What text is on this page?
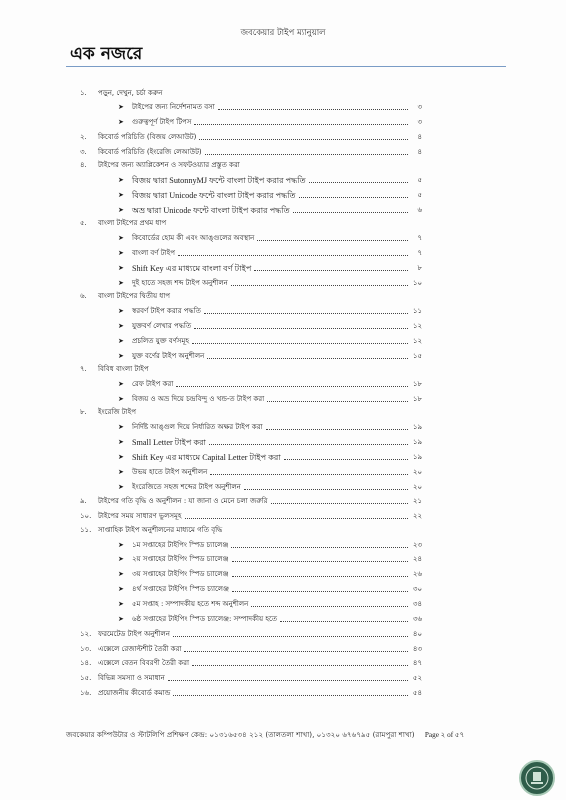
জবকেয়ার টাইপ ম্যানুয়াল
এক নজরে
১.	পড়ুন, দেখুন, চর্চা করুন
➤	টাইপের জন্য নির্দেশনামত বসা	৩
➤	গুরুত্বপূর্ণ টাইপ টিপস	৩
২.	কিবোর্ড পরিচিতি (বিজয় লেআউট)	৪
৩.	কিবোর্ড পরিচিতি (ইংরেজি লেআউট)	৪
৪.	টাইপের জন্য অ্যাপ্লিকেশন ও সফটওয়্যার প্রস্তুত করা
➤ বিজয় দ্বারা SutonnyMJ ফন্টে বাংলা টাইপ করার পদ্ধতি	৫
➤ বিজয় দ্বারা Unicode ফন্টে বাংলা টাইপ করার পদ্ধতি	৫
➤ অভ্র দ্বারা Unicode ফন্টে বাংলা টাইপ করার পদ্ধতি	৬
৫.	বাংলা টাইপের প্রথম ধাপ
➤	কিবোর্ডের হোম কী এবং আঙ্গুলের অবস্থান	৭
➤	বাংলা বর্ণ টাইপ	৭
➤ Shift Key এর মাধ্যমে বাংলা বর্ণ টাইপ	৮
➤	দুই হাতে সহজ শব্দ টাইপ অনুশীলন	১০
৬.	বাংলা টাইপের দ্বিতীয় ধাপ
➤	স্বরবর্ণ টাইপ করার পদ্ধতি	১১
➤	যুক্তবর্ণ লেখার পদ্ধতি	১২
➤	প্রচলিত যুক্ত বর্ণসমূহ	১২
➤	যুক্ত বর্ণের টাইপ অনুশীলন	১৫
৭.	বিবিধ বাংলা টাইপ
➤	রেফ টাইপ করা	১৮
➤	বিজয় ও অভ্র দিয়ে চন্দ্রবিন্দু ও খন্ড-ত টাইপ করা	১৮
৮.	ইংরেজি টাইপ
➤	নির্দিষ্ট আঙ্গুল দিয়ে নির্ধারিত অক্ষর টাইপ করা	১৯
➤ Small Letter টাইপ করা	১৯
➤ Shift Key এর মাধ্যমে Capital Letter টাইপ করা	১৯
➤	উভয় হাতে টাইপ অনুশীলন	২০
➤	ইংরেজিতে সহজ শব্দের টাইপ অনুশীলন	২০
৯.	টাইপের গতি বৃদ্ধি ও অনুশীলন : যা জানা ও মেনে চলা জরুরি	২১
১০. টাইপের সময় সাধারণ ভুলসমূহ	২২
১১. সাপ্তাহিক টাইপ অনুশীলনের মাধ্যমে গতি বৃদ্ধি
➤	১ম সপ্তাহের টাইপিং স্পিড চ্যালেঞ্জ	২৩
➤	২য় সপ্তাহের টাইপিং স্পিড চ্যালেঞ্জ	২৪
➤	৩য় সপ্তাহের টাইপিং স্পিড চ্যালেঞ্জ	২৬
➤	৪র্থ সপ্তাহের টাইপিং স্পিড চ্যালেঞ্জ	৩০
➤	৫ম সপ্তাহ : সম্পাদকীয় হতে শব্দ অনুশীলন	৩৪
➤	৬ষ্ঠ সপ্তাহের টাইপিং স্পিড চ্যালেঞ্জ: সম্পাদকীয় হতে	৩৬
১২. ফরমেটেড টাইপ অনুশীলন	৪০
১৩. এক্সেলে রেজাল্টশীট তৈরী করা	৪৩
১৪. এক্সেলে বেতন বিবরণী তৈরী করা	৪৭
১৫. বিভিন্ন সমস্যা ও সমাধান	৫২
১৬. প্রয়োজনীয় কীবোর্ড কমান্ড	৫৪
জবকেয়ার কম্পিউটার ও স্টাটলিপি প্রশিক্ষণ কেন্দ্র: ০১৩১৬৫৩৪ ২১২ (তালতলা শাখা), ০১৩২০ ৬৭৬৭৯৫ (রামপুরা শাখা) Page ২ of ৫৭
